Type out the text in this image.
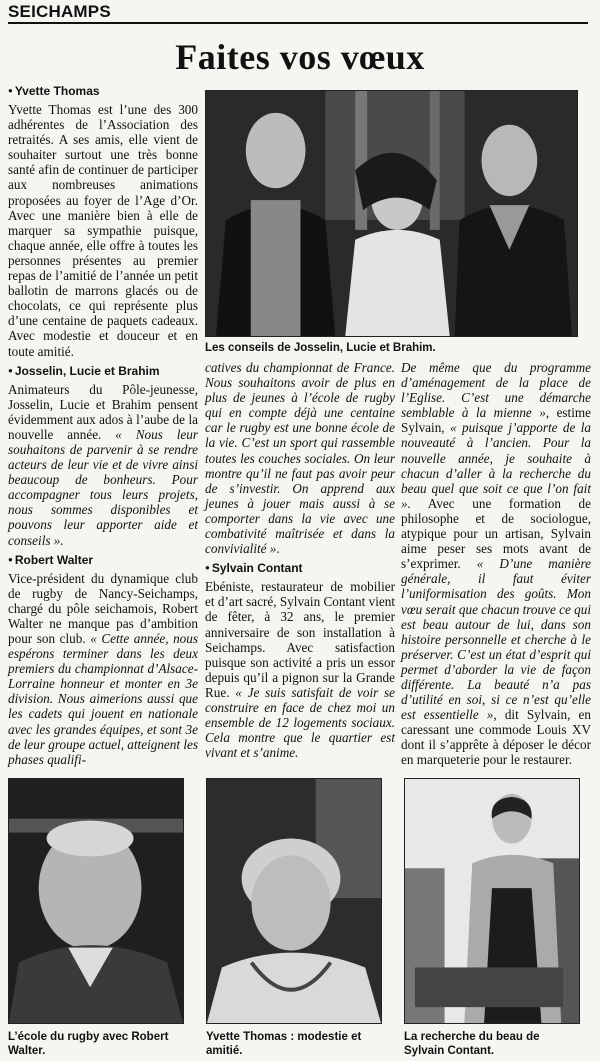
SEICHAMPS
Faites vos vœux
● Yvette Thomas

Yvette Thomas est l’une des 300 adhérentes de l’Association des retraités. A ses amis, elle vient de souhaiter surtout une très bonne santé afin de continuer de participer aux nombreuses animations proposées au foyer de l’Age d’Or. Avec une manière bien à elle de marquer sa sympathie puisque, chaque année, elle offre à toutes les personnes présentes au premier repas de l’amitié de l’année un petit ballotin de marrons glacés ou de chocolats, ce qui représente plus d’une centaine de paquets cadeaux. Avec modestie et douceur et en toute amitié.

● Josselin, Lucie et Brahim

Animateurs du Pôle-jeunesse, Josselin, Lucie et Brahim pensent évidemment aux ados à l’aube de la nouvelle année. « Nous leur souhaitons de parvenir à se rendre acteurs de leur vie et de vivre ainsi beaucoup de bonheurs. Pour accompagner tous leurs projets, nous sommes disponibles et pouvons leur apporter aide et conseils ».

● Robert Walter

Vice-président du dynamique club de rugby de Nancy-Seichamps, chargé du pôle seichamois, Robert Walter ne manque pas d’ambition pour son club. « Cette année, nous espérons terminer dans les deux premiers du championnat d’Alsace-Lorraine honneur et monter en 3e division. Nous aimerions aussi que les cadets qui jouent en nationale avec les grandes équipes, et sont 3e de leur groupe actuel, atteignent les phases qualifi-

Les conseils de Josselin, Lucie et Brahim.

catives du championnat de France. Nous souhaitons avoir de plus en plus de jeunes à l’école de rugby qui en compte déjà une centaine car le rugby est une bonne école de la vie. C’est un sport qui rassemble toutes les couches sociales. On leur montre qu’il ne faut pas avoir peur de s’investir. On apprend aux jeunes à jouer mais aussi à se comporter dans la vie avec une combativité maîtrisée et dans la convivialité ».

● Sylvain Contant

Ebéniste, restaurateur de mobilier et d’art sacré, Sylvain Contant vient de fêter, à 32 ans, le premier anniversaire de son installation à Seichamps. Avec satisfaction puisque son activité a pris un essor depuis qu’il a pignon sur la Grande Rue. « Je suis satisfait de voir se construire en face de chez moi un ensemble de 12 logements sociaux. Cela montre que le quartier est vivant et s’anime.

De même que du programme d’aménagement de la place de l’Eglise. C’est une démarche semblable à la mienne », estime Sylvain, « puisque j’apporte de la nouveauté à l’ancien. Pour la nouvelle année, je souhaite à chacun d’aller à la recherche du beau quel que soit ce que l’on fait ». Avec une formation de philosophe et de sociologue, atypique pour un artisan, Sylvain aime peser ses mots avant de s’exprimer. « D’une manière générale, il faut éviter l’uniformisation des goûts. Mon vœu serait que chacun trouve ce qui est beau autour de lui, dans son histoire personnelle et cherche à le préserver. C’est un état d’esprit qui permet d’aborder la vie de façon différente. La beauté n’a pas d’utilité en soi, si ce n’est qu’elle est essentielle », dit Sylvain, en caressant une commode Louis XV dont il s’apprête à déposer le décor en marqueterie pour le restaurer.

L’école du rugby avec Robert Walter.
Yvette Thomas : modestie et amitié.
La recherche du beau de Sylvain Contant.
